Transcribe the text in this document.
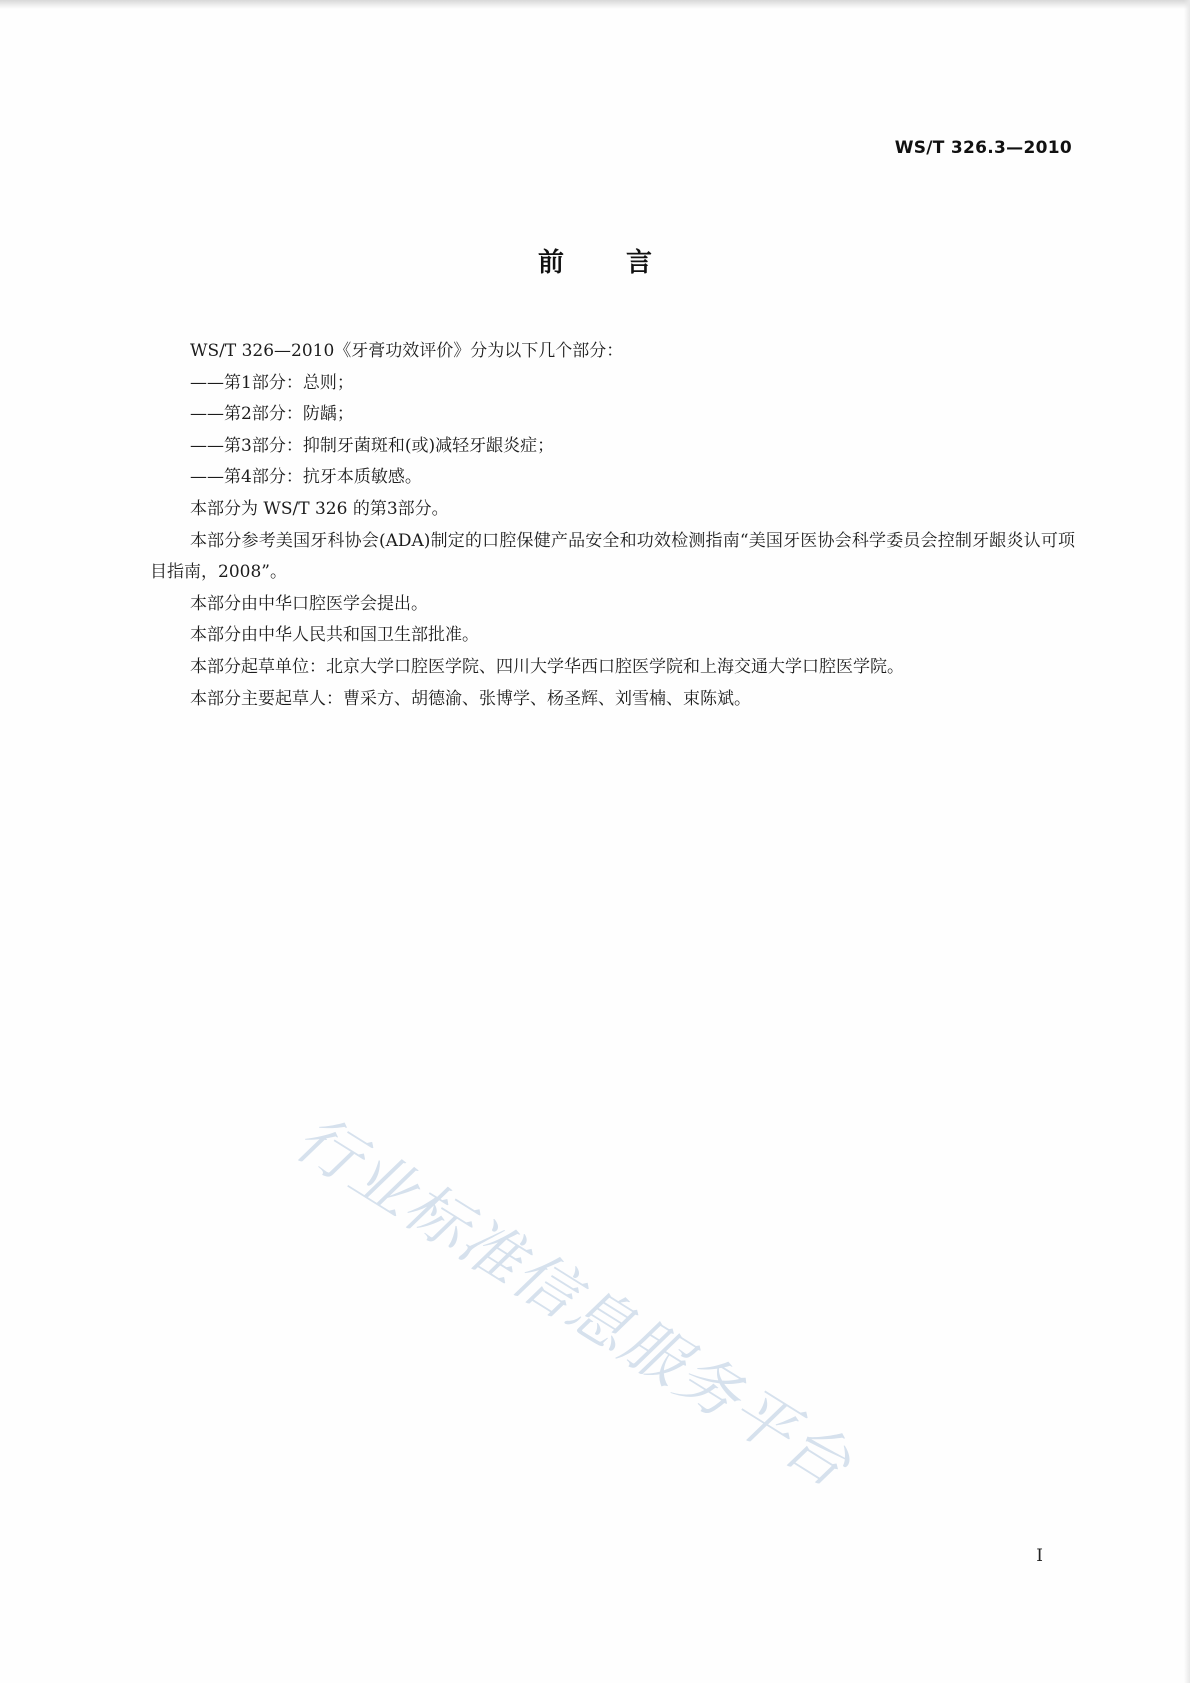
WS/T 326.3—2010
前言

WS/T 326—2010《牙膏功效评价》分为以下几个部分：

——第1部分：总则；

——第2部分：防龋；

——第3部分：抑制牙菌斑和(或)减轻牙龈炎症；

——第4部分：抗牙本质敏感。

本部分为 WS/T 326 的第3部分。

本部分参考美国牙科协会(ADA)制定的口腔保健产品安全和功效检测指南“美国牙医协会科学委员会控制牙龈炎认可项目指南，2008”。

本部分由中华口腔医学会提出。

本部分由中华人民共和国卫生部批准。

本部分起草单位：北京大学口腔医学院、四川大学华西口腔医学院和上海交通大学口腔医学院。

本部分主要起草人：曹采方、胡德渝、张博学、杨圣辉、刘雪楠、束陈斌。

行业标准信息服务平台
I
